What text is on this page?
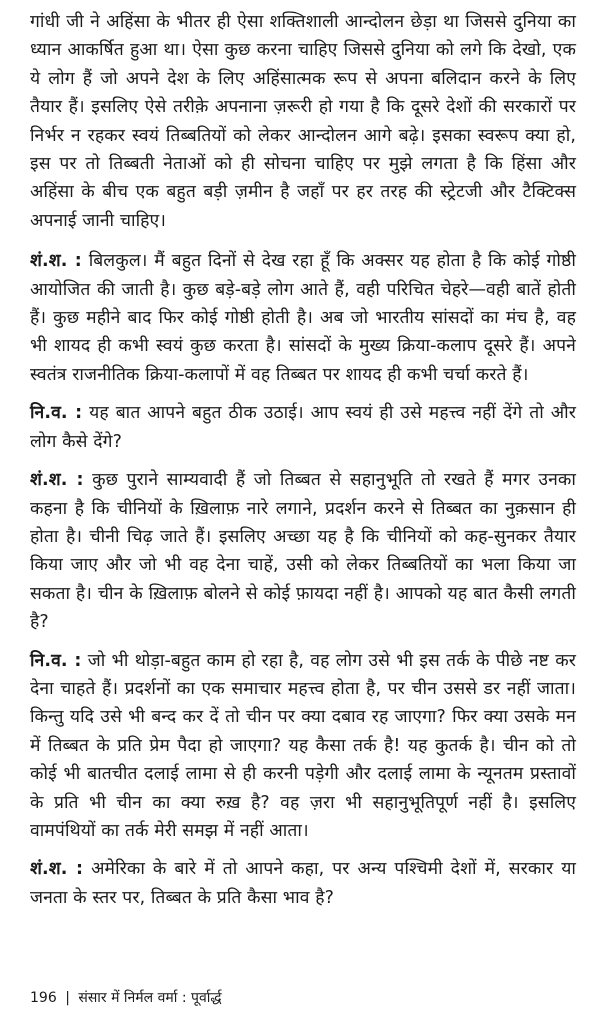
गांधी जी ने अहिंसा के भीतर ही ऐसा शक्तिशाली आन्दोलन छेड़ा था जिससे दुनिया का ध्यान आकर्षित हुआ था। ऐसा कुछ करना चाहिए जिससे दुनिया को लगे कि देखो, एक ये लोग हैं जो अपने देश के लिए अहिंसात्मक रूप से अपना बलिदान करने के लिए तैयार हैं। इसलिए ऐसे तरीक़े अपनाना ज़रूरी हो गया है कि दूसरे देशों की सरकारों पर निर्भर न रहकर स्वयं तिब्बतियों को लेकर आन्दोलन आगे बढ़े। इसका स्वरूप क्या हो, इस पर तो तिब्बती नेताओं को ही सोचना चाहिए पर मुझे लगता है कि हिंसा और अहिंसा के बीच एक बहुत बड़ी ज़मीन है जहाँ पर हर तरह की स्ट्रेटजी और टैक्टिक्स अपनाई जानी चाहिए।

शं.श. : बिलकुल। मैं बहुत दिनों से देख रहा हूँ कि अक्सर यह होता है कि कोई गोष्ठी आयोजित की जाती है। कुछ बड़े-बड़े लोग आते हैं, वही परिचित चेहरे—वही बातें होती हैं। कुछ महीने बाद फिर कोई गोष्ठी होती है। अब जो भारतीय सांसदों का मंच है, वह भी शायद ही कभी स्वयं कुछ करता है। सांसदों के मुख्य क्रिया-कलाप दूसरे हैं। अपने स्वतंत्र राजनीतिक क्रिया-कलापों में वह तिब्बत पर शायद ही कभी चर्चा करते हैं।

नि.व. : यह बात आपने बहुत ठीक उठाई। आप स्वयं ही उसे महत्त्व नहीं देंगे तो और लोग कैसे देंगे?

शं.श. : कुछ पुराने साम्यवादी हैं जो तिब्बत से सहानुभूति तो रखते हैं मगर उनका कहना है कि चीनियों के ख़िलाफ़ नारे लगाने, प्रदर्शन करने से तिब्बत का नुक़सान ही होता है। चीनी चिढ़ जाते हैं। इसलिए अच्छा यह है कि चीनियों को कह-सुनकर तैयार किया जाए और जो भी वह देना चाहें, उसी को लेकर तिब्बतियों का भला किया जा सकता है। चीन के ख़िलाफ़ बोलने से कोई फ़ायदा नहीं है। आपको यह बात कैसी लगती है?

नि.व. : जो भी थोड़ा-बहुत काम हो रहा है, वह लोग उसे भी इस तर्क के पीछे नष्ट कर देना चाहते हैं। प्रदर्शनों का एक समाचार महत्त्व होता है, पर चीन उससे डर नहीं जाता। किन्तु यदि उसे भी बन्द कर दें तो चीन पर क्या दबाव रह जाएगा? फिर क्या उसके मन में तिब्बत के प्रति प्रेम पैदा हो जाएगा? यह कैसा तर्क है! यह कुतर्क है। चीन को तो कोई भी बातचीत दलाई लामा से ही करनी पड़ेगी और दलाई लामा के न्यूनतम प्रस्तावों के प्रति भी चीन का क्या रुख़ है? वह ज़रा भी सहानुभूतिपूर्ण नहीं है। इसलिए वामपंथियों का तर्क मेरी समझ में नहीं आता।

शं.श. : अमेरिका के बारे में तो आपने कहा, पर अन्य पश्चिमी देशों में, सरकार या जनता के स्तर पर, तिब्बत के प्रति कैसा भाव है?

196 | संसार में निर्मल वर्मा : पूर्वार्द्ध
